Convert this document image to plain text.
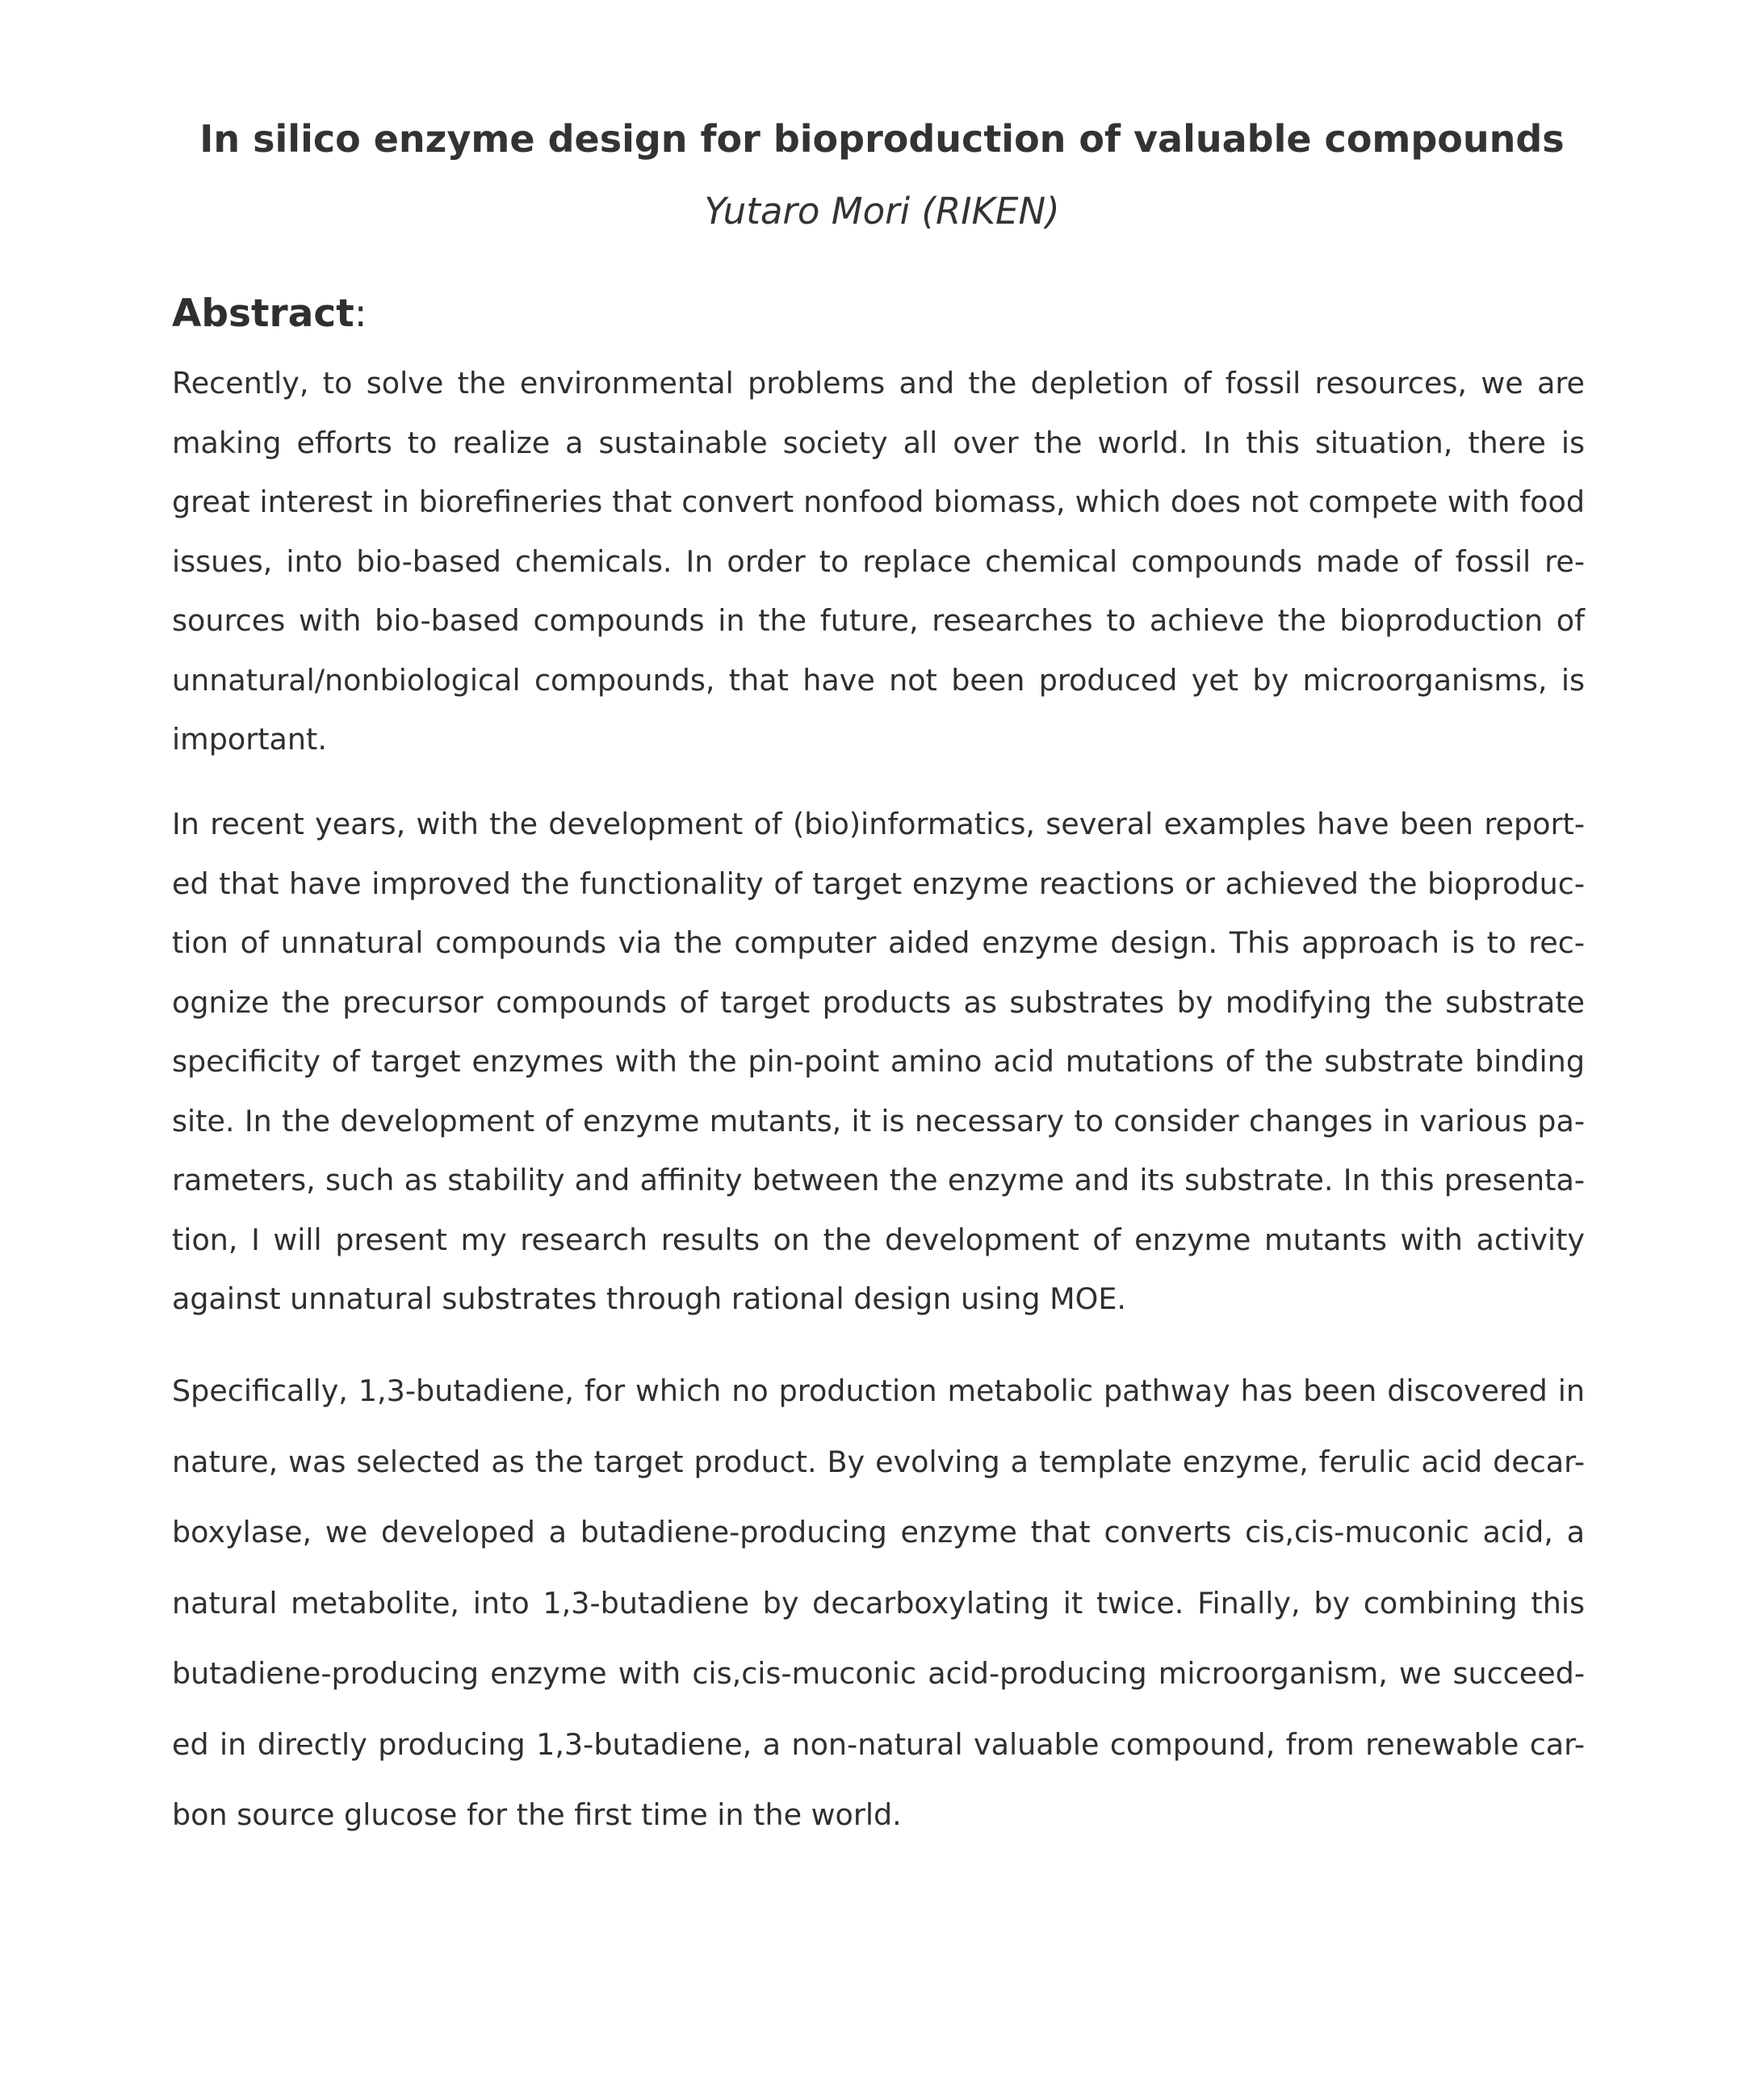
In silico enzyme design for bioproduction of valuable compounds
Yutaro Mori (RIKEN)
Abstract:
Recently, to solve the environmental problems and the depletion of fossil resources, we are
making efforts to realize a sustainable society all over the world. In this situation, there is
great interest in biorefineries that convert nonfood biomass, which does not compete with food
issues, into bio-based chemicals. In order to replace chemical compounds made of fossil re-
sources with bio-based compounds in the future, researches to achieve the bioproduction of
unnatural/nonbiological compounds, that have not been produced yet by microorganisms, is
important.
In recent years, with the development of (bio)informatics, several examples have been report-
ed that have improved the functionality of target enzyme reactions or achieved the bioproduc-
tion of unnatural compounds via the computer aided enzyme design. This approach is to rec-
ognize the precursor compounds of target products as substrates by modifying the substrate
specificity of target enzymes with the pin-point amino acid mutations of the substrate binding
site. In the development of enzyme mutants, it is necessary to consider changes in various pa-
rameters, such as stability and affinity between the enzyme and its substrate. In this presenta-
tion, I will present my research results on the development of enzyme mutants with activity
against unnatural substrates through rational design using MOE.
Specifically, 1,3-butadiene, for which no production metabolic pathway has been discovered in
nature, was selected as the target product. By evolving a template enzyme, ferulic acid decar-
boxylase, we developed a butadiene-producing enzyme that converts cis,cis-muconic acid, a
natural metabolite, into 1,3-butadiene by decarboxylating it twice. Finally, by combining this
butadiene-producing enzyme with cis,cis-muconic acid-producing microorganism, we succeed-
ed in directly producing 1,3-butadiene, a non-natural valuable compound, from renewable car-
bon source glucose for the first time in the world.
